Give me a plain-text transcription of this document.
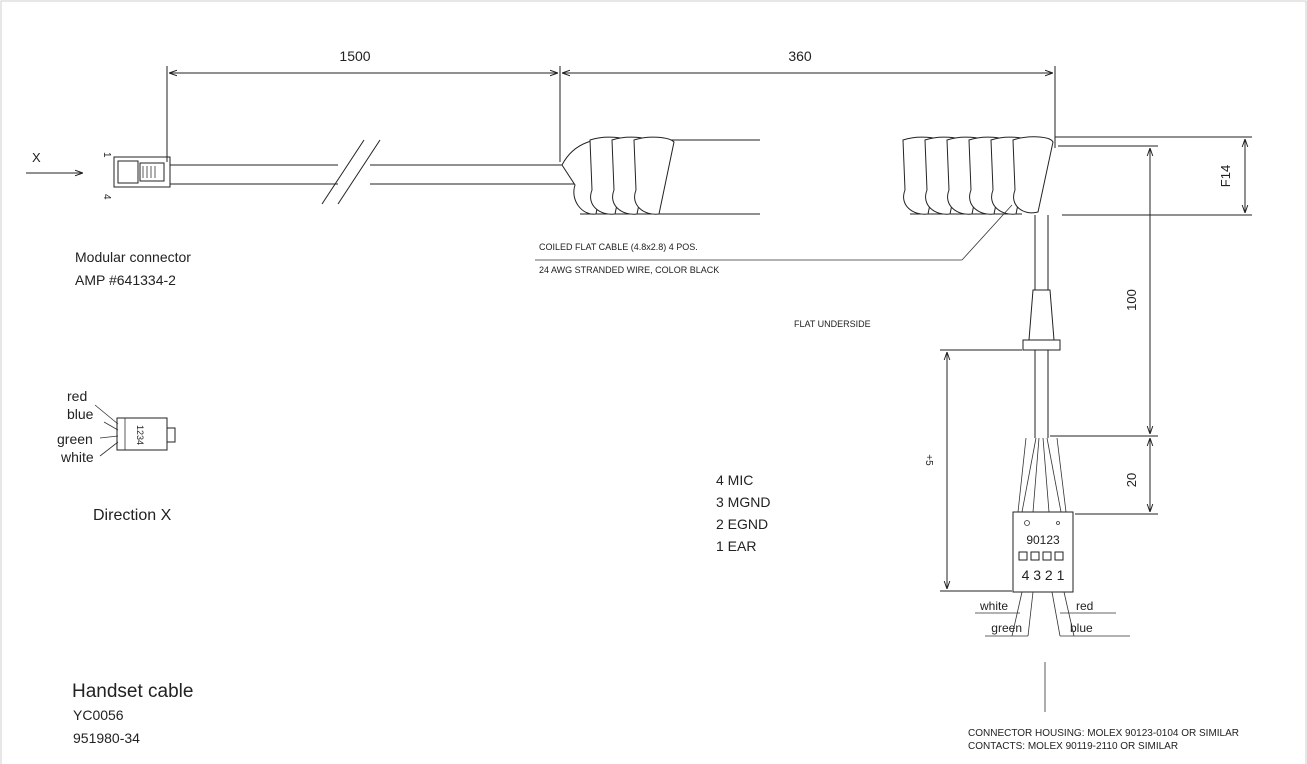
1500	360
X	1
4
COILED FLAT CABLE (4.8x2.8) 4 POS.
24 AWG STRANDED WIRE, COLOR BLACK
F14
FLAT UNDERSIDE
100
20
+5
90123
4 3 2 1
white
green
red
blue
CONNECTOR HOUSING: MOLEX 90123-0104 OR SIMILAR
CONTACTS: MOLEX 90119-2110 OR SIMILAR
Modular connector
AMP #641334-2
red
blue
green
white
1234
Direction X
4 MIC
3 MGND
2 EGND
1 EAR
Handset cable
YC0056
951980-34
